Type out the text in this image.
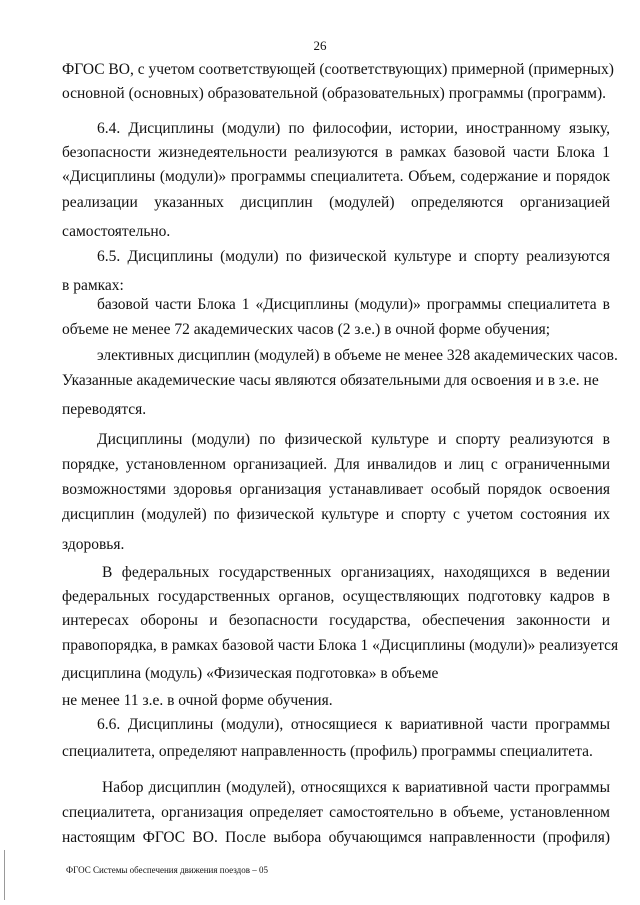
26
ФГОС ВО, с учетом соответствующей (соответствующих) примерной (примерных)
основной (основных) образовательной (образовательных) программы (программ).
6.4. Дисциплины (модули) по философии, истории, иностранному языку,
безопасности жизнедеятельности реализуются в рамках базовой части Блока 1
«Дисциплины (модули)» программы специалитета. Объем, содержание и порядок
реализации указанных дисциплин (модулей) определяются организацией
самостоятельно.
6.5. Дисциплины (модули) по физической культуре и спорту реализуются
в рамках:
базовой части Блока 1 «Дисциплины (модули)» программы специалитета в
объеме не менее 72 академических часов (2 з.е.) в очной форме обучения;
элективных дисциплин (модулей) в объеме не менее 328 академических часов.
Указанные академические часы являются обязательными для освоения и в з.е. не
переводятся.
Дисциплины (модули) по физической культуре и спорту реализуются в
порядке, установленном организацией. Для инвалидов и лиц с ограниченными
возможностями здоровья организация устанавливает особый порядок освоения
дисциплин (модулей) по физической культуре и спорту с учетом состояния их
здоровья.
В федеральных государственных организациях, находящихся в ведении
федеральных государственных органов, осуществляющих подготовку кадров в
интересах обороны и безопасности государства, обеспечения законности и
правопорядка, в рамках базовой части Блока 1 «Дисциплины (модули)» реализуется
дисциплина (модуль) «Физическая подготовка» в объеме
не менее 11 з.е. в очной форме обучения.
6.6. Дисциплины (модули), относящиеся к вариативной части программы
специалитета, определяют направленность (профиль) программы специалитета.
Набор дисциплин (модулей), относящихся к вариативной части программы
специалитета, организация определяет самостоятельно в объеме, установленном
настоящим ФГОС ВО. После выбора обучающимся направленности (профиля)
ФГОС Системы обеспечения движения поездов – 05
